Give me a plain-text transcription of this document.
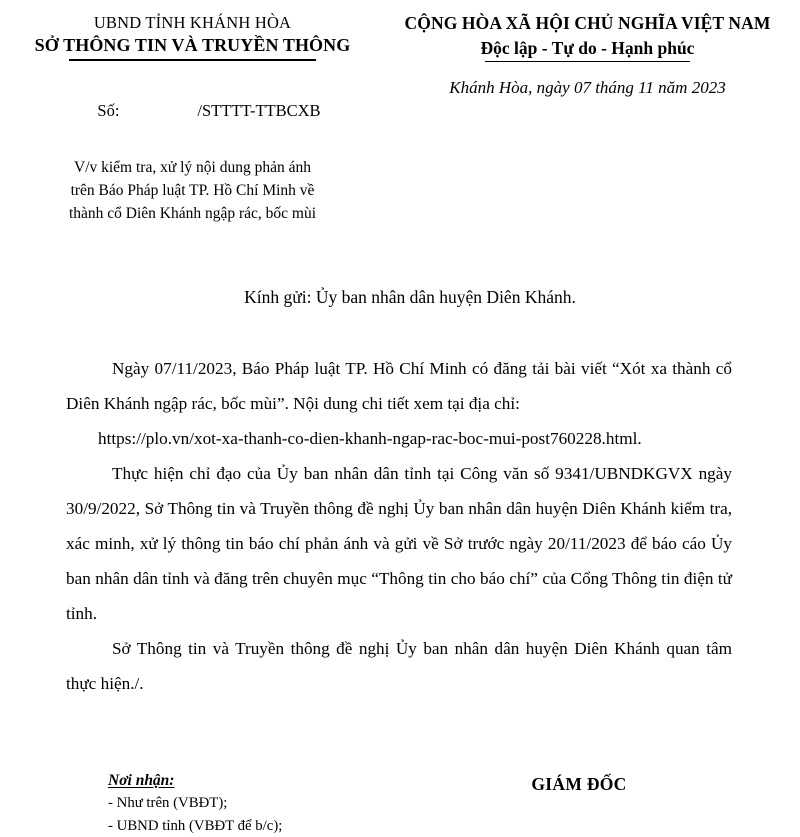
UBND TỈNH KHÁNH HÒA
SỞ THÔNG TIN VÀ TRUYỀN THÔNG
CỘNG HÒA XÃ HỘI CHỦ NGHĨA VIỆT NAM
Độc lập - Tự do - Hạnh phúc

Số:	/STTTT-TTBCXB

V/v kiểm tra, xử lý nội dung phản ánh
trên Báo Pháp luật TP. Hồ Chí Minh về
thành cổ Diên Khánh ngập rác, bốc mùi
Khánh Hòa, ngày 07 tháng 11 năm 2023
Kính gửi: Ủy ban nhân dân huyện Diên Khánh.

Ngày 07/11/2023, Báo Pháp luật TP. Hồ Chí Minh có đăng tải bài viết “Xót xa thành cổ Diên Khánh ngập rác, bốc mùi”. Nội dung chi tiết xem tại địa chỉ:

https://plo.vn/xot-xa-thanh-co-dien-khanh-ngap-rac-boc-mui-post760228.html.

Thực hiện chỉ đạo của Ủy ban nhân dân tỉnh tại Công văn số 9341/UBNDKGVX ngày 30/9/2022, Sở Thông tin và Truyền thông đề nghị Ủy ban nhân dân huyện Diên Khánh kiểm tra, xác minh, xử lý thông tin báo chí phản ánh và gửi về Sở trước ngày 20/11/2023 để báo cáo Ủy ban nhân dân tỉnh và đăng trên chuyên mục “Thông tin cho báo chí” của Cổng Thông tin điện tử tỉnh.

Sở Thông tin và Truyền thông đề nghị Ủy ban nhân dân huyện Diên Khánh quan tâm thực hiện./.

Nơi nhận:
- Như trên (VBĐT);
- UBND tỉnh (VBĐT để b/c);
GIÁM ĐỐC
